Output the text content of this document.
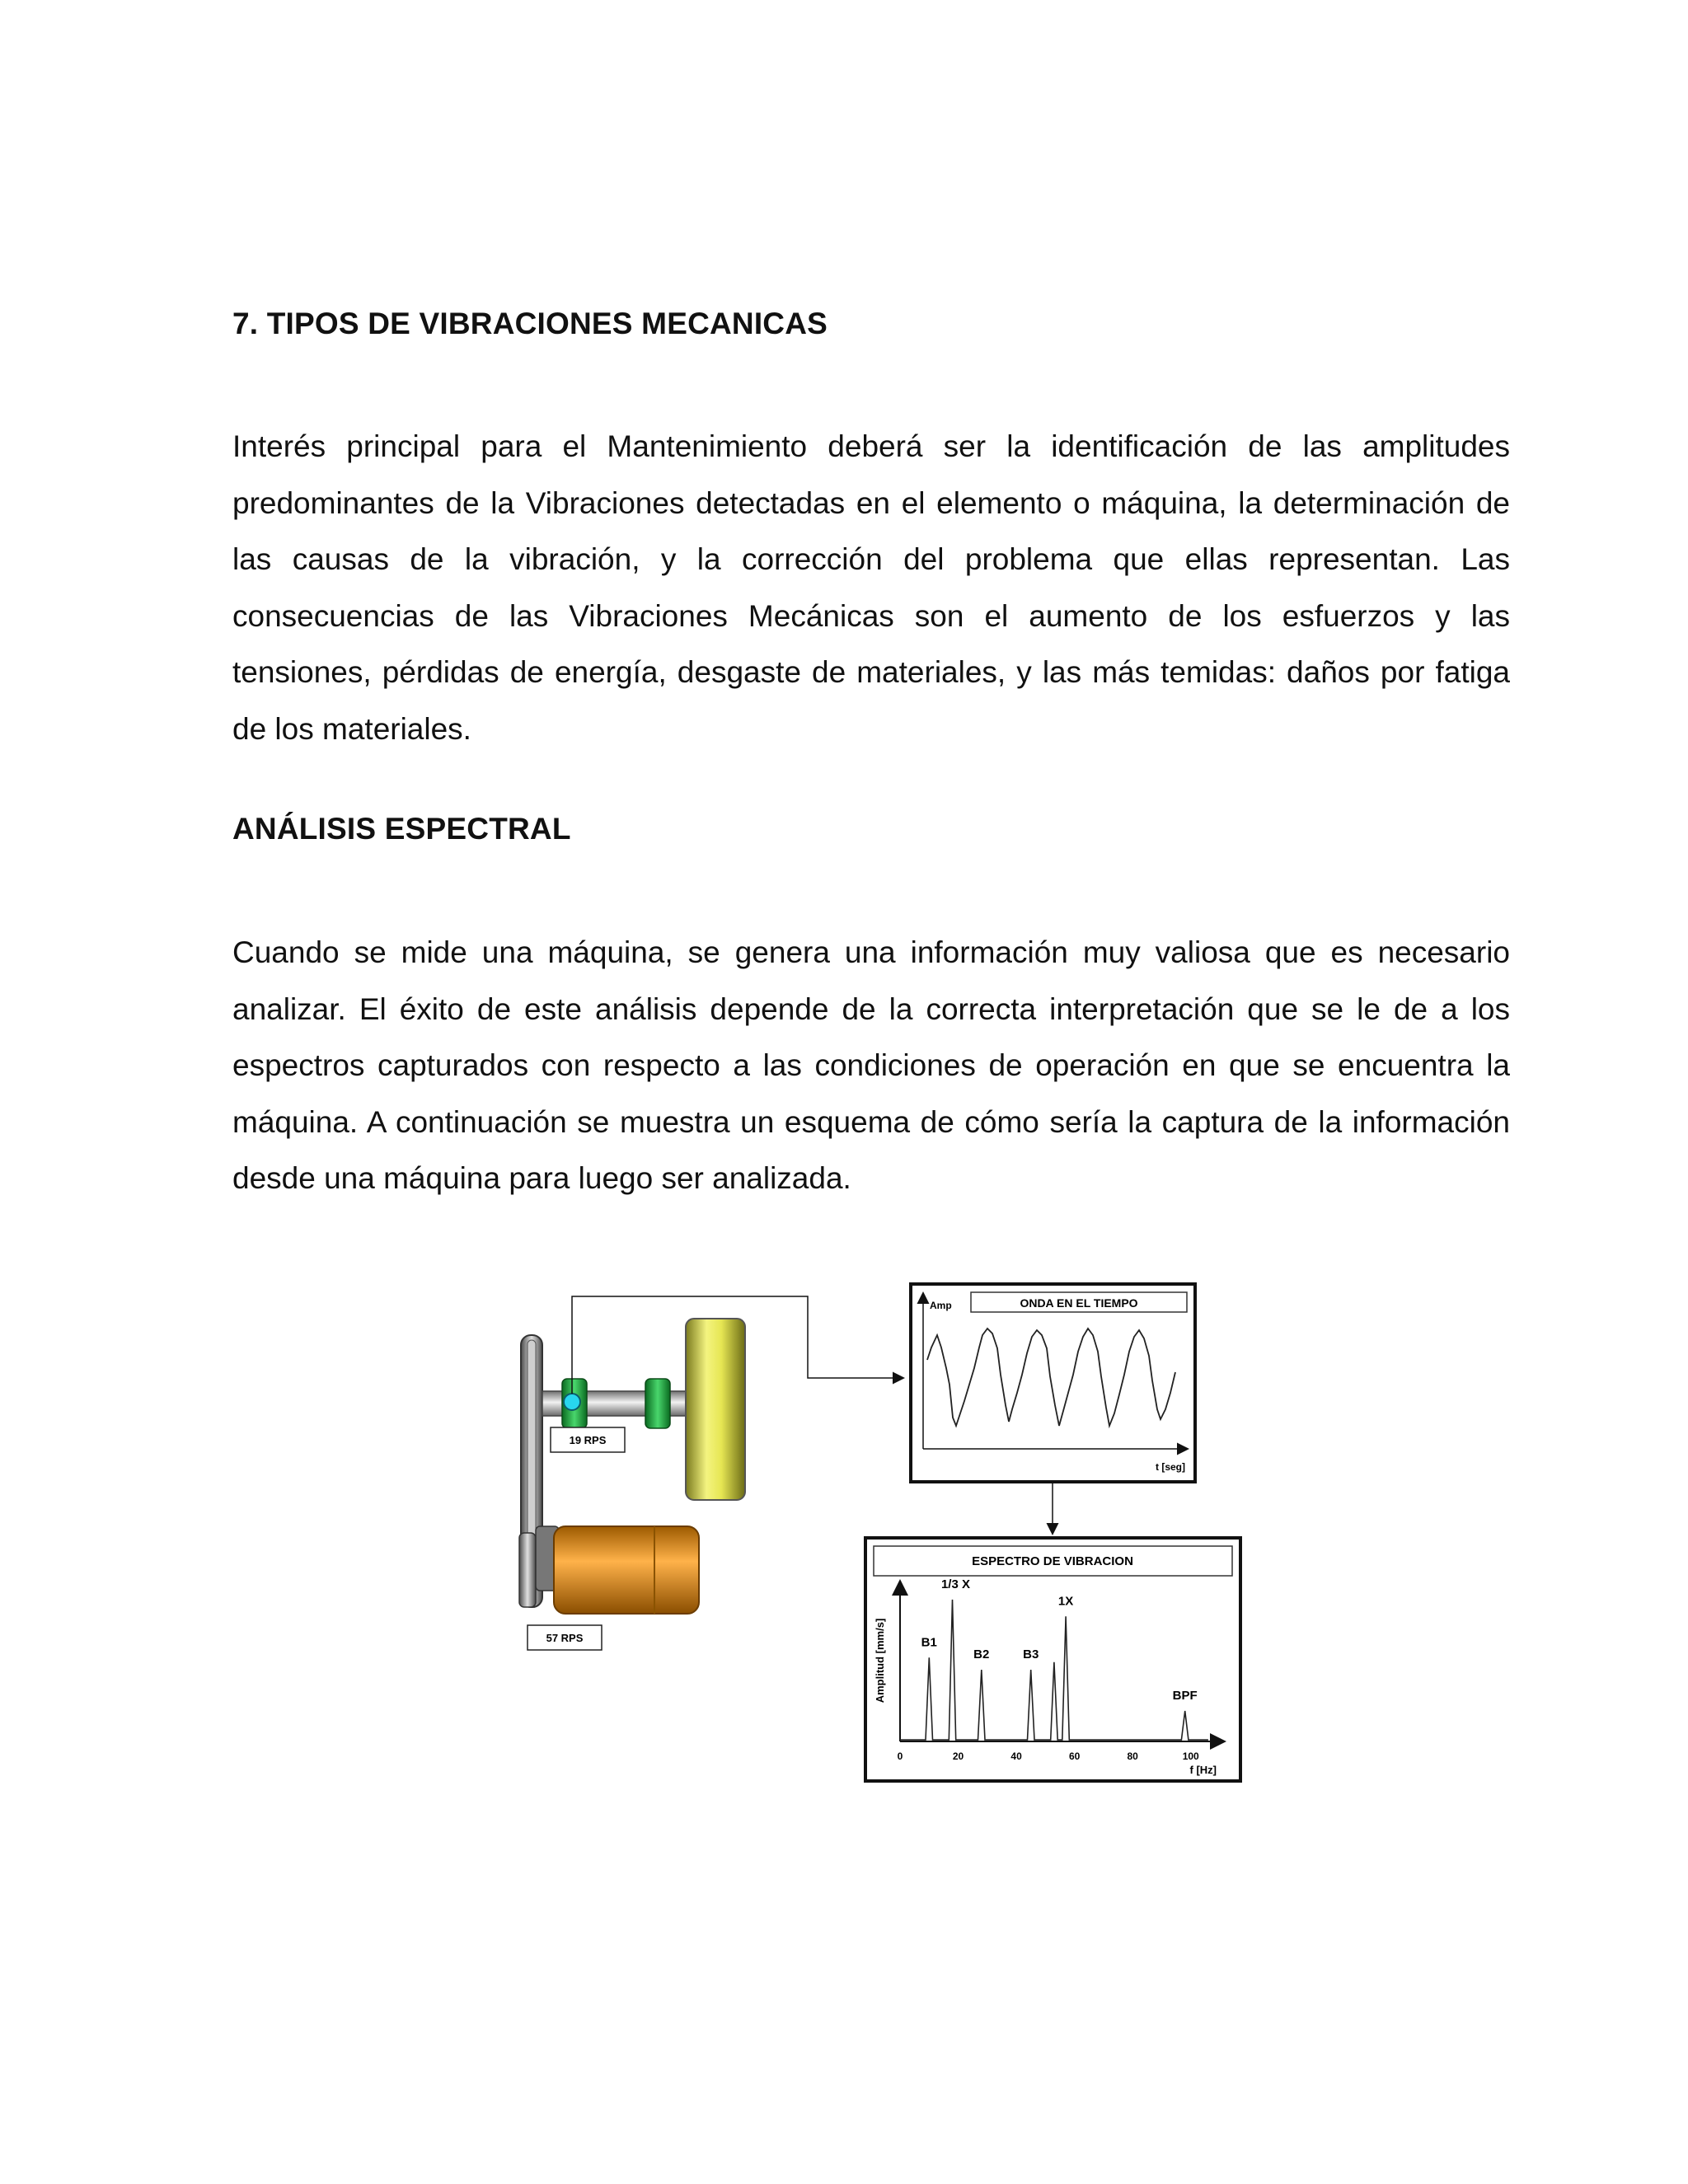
7. TIPOS DE VIBRACIONES MECANICAS

Interés principal para el Mantenimiento deberá ser la identificación de las amplitudes predominantes de la Vibraciones detectadas en el elemento o máquina, la determinación de las causas de la vibración, y la corrección del problema que ellas representan. Las consecuencias de las Vibraciones Mecánicas son el aumento de los esfuerzos y las tensiones, pérdidas de energía, desgaste de materiales, y las más temidas: daños por fatiga de los materiales.

ANÁLISIS ESPECTRAL

Cuando se mide una máquina, se genera una información muy valiosa que es necesario analizar. El éxito de este análisis depende de la correcta interpretación que se le de a los espectros capturados con respecto a las condiciones de operación en que se encuentra la máquina. A continuación se muestra un esquema de cómo sería la captura de la información desde una máquina para luego ser analizada.

19 RPS
57 RPS
ONDA EN EL TIEMPO
Amp
t [seg]
ESPECTRO DE VIBRACION
Amplitud [mm/s]
0	20	40	60	80	100
B1
1/3 X
B2	B3
1X
BPF
f [Hz]
